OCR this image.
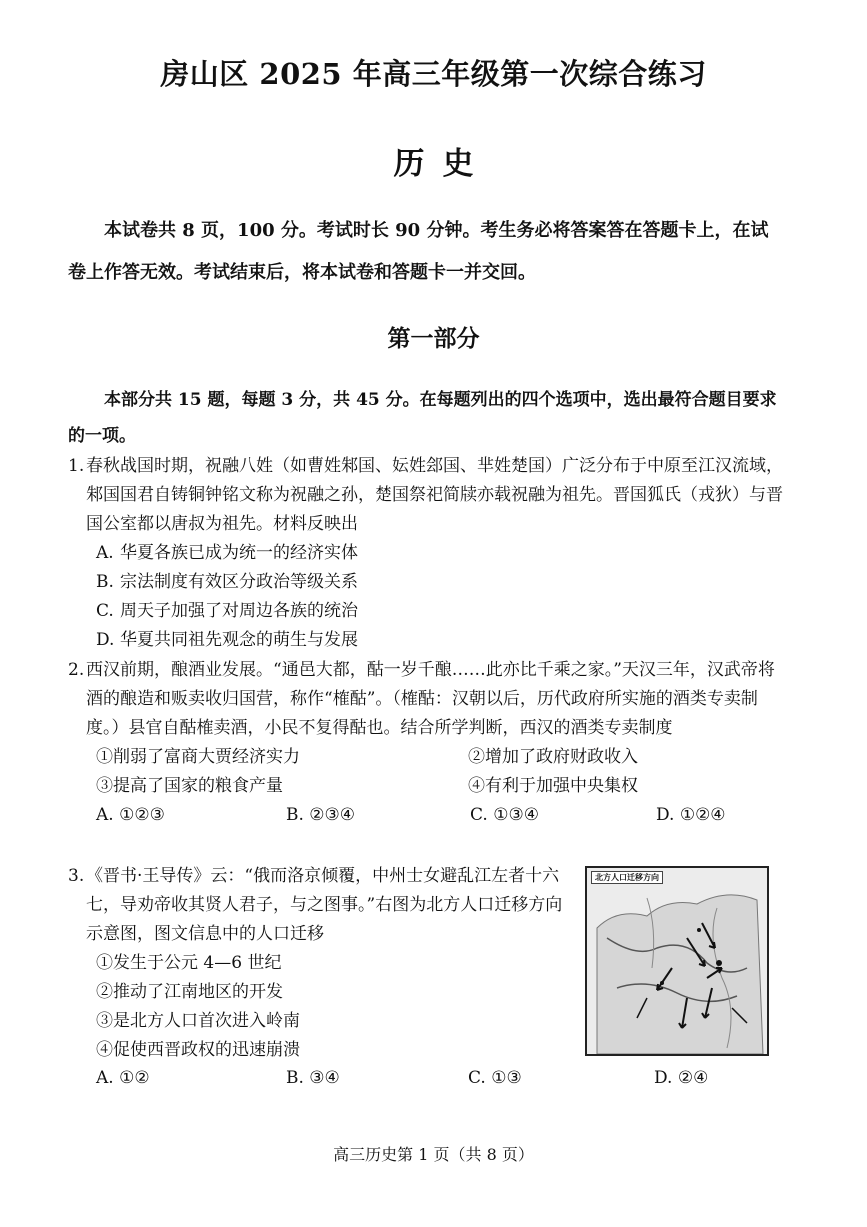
房山区 2025 年高三年级第一次综合练习
历史
本试卷共 8 页，100 分。考试时长 90 分钟。考生务必将答案答在答题卡上，在试卷上作答无效。考试结束后，将本试卷和答题卡一并交回。
第一部分
本部分共 15 题，每题 3 分，共 45 分。在每题列出的四个选项中，选出最符合题目要求的一项。
1. 春秋战国时期，祝融八姓（如曹姓邾国、妘姓郐国、芈姓楚国）广泛分布于中原至江汉流域，邾国国君自铸铜钟铭文称为祝融之孙，楚国祭祀简牍亦载祝融为祖先。晋国狐氏（戎狄）与晋国公室都以唐叔为祖先。材料反映出
A. 华夏各族已成为统一的经济实体
B. 宗法制度有效区分政治等级关系
C. 周天子加强了对周边各族的统治
D. 华夏共同祖先观念的萌生与发展
2. 西汉前期，酿酒业发展。“通邑大都，酤一岁千酿……此亦比千乘之家。”天汉三年，汉武帝将酒的酿造和贩卖收归国营，称作“榷酤”。（榷酤：汉朝以后，历代政府所实施的酒类专卖制度。）县官自酤榷卖酒，小民不复得酤也。结合所学判断，西汉的酒类专卖制度
①削弱了富商大贾经济实力	②增加了政府财政收入
③提高了国家的粮食产量	④有利于加强中央集权
A. ①②③	B. ②③④	C. ①③④	D. ①②④
3. 《晋书·王导传》云：“俄而洛京倾覆，中州士女避乱江左者十六七，导劝帝收其贤人君子，与之图事。”右图为北方人口迁移方向示意图，图文信息中的人口迁移
①发生于公元 4—6 世纪
②推动了江南地区的开发
③是北方人口首次进入岭南
④促使西晋政权的迅速崩溃
A. ①②	B. ③④	C. ①③	D. ②④
北方人口迁移方向
高三历史第 1 页（共 8 页）
